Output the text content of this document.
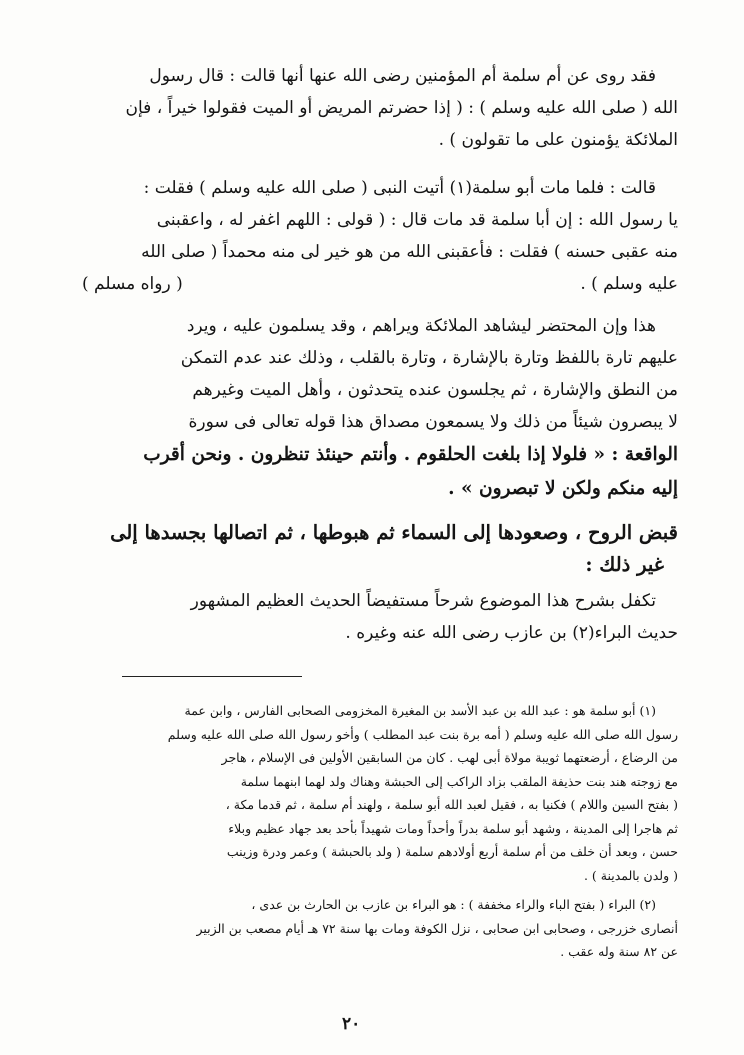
فقد روى عن أم سلمة أم المؤمنين رضى الله عنها أنها قالت : قال رسول
الله ( صلى الله عليه وسلم ) : ( إذا حضرتم المريض أو الميت فقولوا خيراً ، فإن
الملائكة يؤمنون على ما تقولون ) .
قالت : فلما مات أبو سلمة(١) أتيت النبى ( صلى الله عليه وسلم ) فقلت :
يا رسول الله : إن أبا سلمة قد مات قال : ( قولى : اللهم اغفر له ، واعقبنى
منه عقبى حسنه ) فقلت : فأعقبنى الله من هو خير لى منه محمداً ( صلى الله
عليه وسلم ) .
( رواه مسلم )
هذا وإن المحتضر ليشاهد الملائكة ويراهم ، وقد يسلمون عليه ، ويرد
عليهم تارة باللفظ وتارة بالإشارة ، وتارة بالقلب ، وذلك عند عدم التمكن
من النطق والإشارة ، ثم يجلسون عنده يتحدثون ، وأهل الميت وغيرهم
لا يبصرون شيئاً من ذلك ولا يسمعون مصداق هذا قوله تعالى فى سورة
الواقعة : « فلولا إذا بلغت الحلقوم . وأنتم حينئذ تنظرون . ونحن أقرب
إليه منكم ولكن لا تبصرون » .
قبض الروح ، وصعودها إلى السماء ثم هبوطها ، ثم اتصالها بجسدها إلى
غير ذلك :
تكفل بشرح هذا الموضوع شرحاً مستفيضاً الحديث العظيم المشهور
حديث البراء(٢) بن عازب رضى الله عنه وغيره .
(١) أبو سلمة هو : عبد الله بن عبد الأسد بن المغيرة المخزومى الصحابى الفارس ، وابن عمة
رسول الله صلى الله عليه وسلم ( أمه برة بنت عبد المطلب ) وأخو رسول الله صلى الله عليه وسلم
من الرضاع ، أرضعتهما ثويبة مولاة أبى لهب . كان من السابقين الأولين فى الإسلام ، هاجر
مع زوجته هند بنت حذيفة الملقب بزاد الراكب إلى الحبشة وهناك ولد لهما ابنهما سلمة
( بفتح السين واللام ) فكنيا به ، فقيل لعبد الله أبو سلمة ، ولهند أم سلمة ، ثم قدما مكة ،
ثم هاجرا إلى المدينة ، وشهد أبو سلمة بدراً وأحداً ومات شهيداً بأحد بعد جهاد عظيم وبلاء
حسن ، وبعد أن خلف من أم سلمة أربع أولادهم سلمة ( ولد بالحبشة ) وعمر ودرة وزينب
( ولدن بالمدينة ) .
(٢) البراء ( بفتح الباء والراء مخففة ) : هو البراء بن عازب بن الحارث بن عدى ،
أنصارى خزرجى ، وصحابى ابن صحابى ، نزل الكوفة ومات بها سنة ٧٢ هـ أيام مصعب بن الزبير
عن ٨٢ سنة وله عقب .
٢٠
